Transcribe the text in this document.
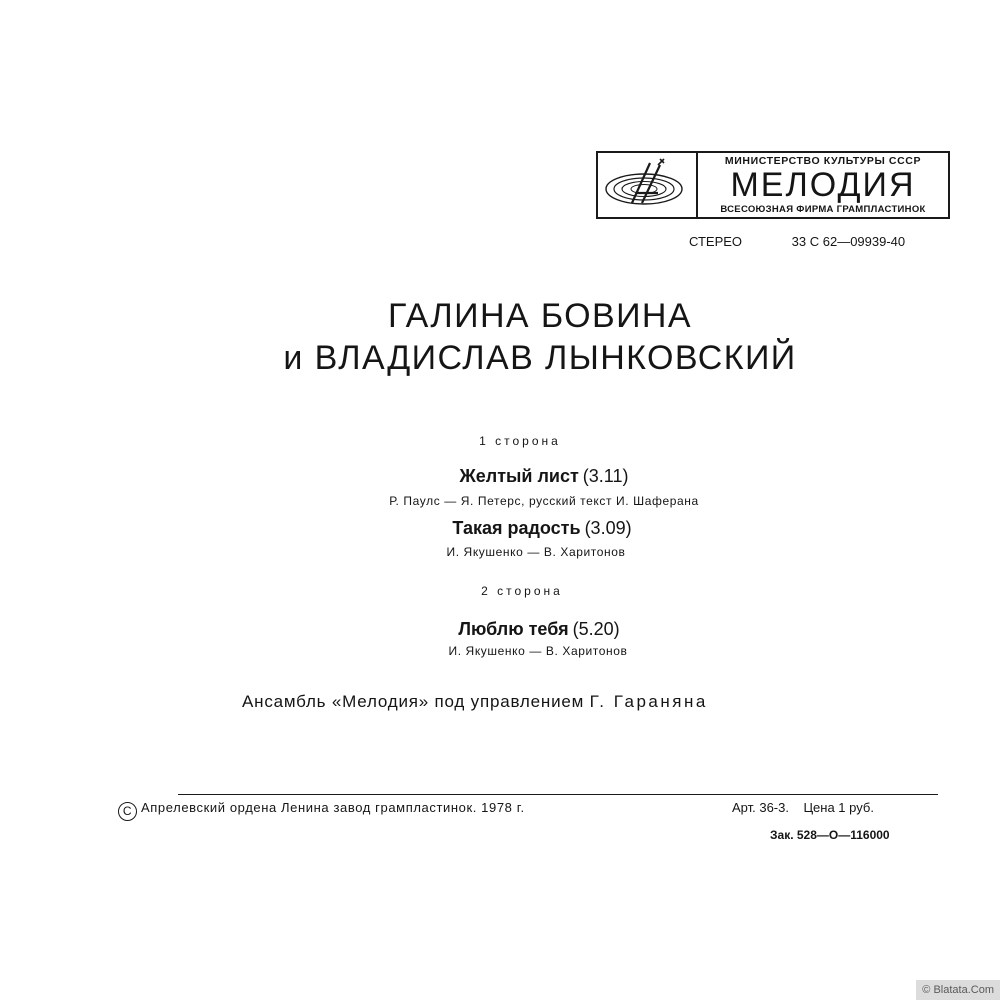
МИНИСТЕРСТВО КУЛЬТУРЫ СССР
МЕЛОДИЯ
ВСЕСОЮЗНАЯ ФИРМА ГРАМПЛАСТИНОК
СТЕРЕО	33 С 62—09939-40
ГАЛИНА БОВИНА
и ВЛАДИСЛАВ ЛЫНКОВСКИЙ
1 сторона
Желтый лист (3.11)
Р. Паулс — Я. Петерс, русский текст И. Шаферана
Такая радость (3.09)
И. Якушенко — В. Харитонов
2 сторона
Люблю тебя (5.20)
И. Якушенко — В. Харитонов
Ансамбль «Мелодия» под управлением Г. Гараняна
C Апрелевский ордена Ленина завод грампластинок. 1978 г.	Арт. 36-3. Цена 1 руб.
Зак. 528—О—116000
© Blatata.Com
